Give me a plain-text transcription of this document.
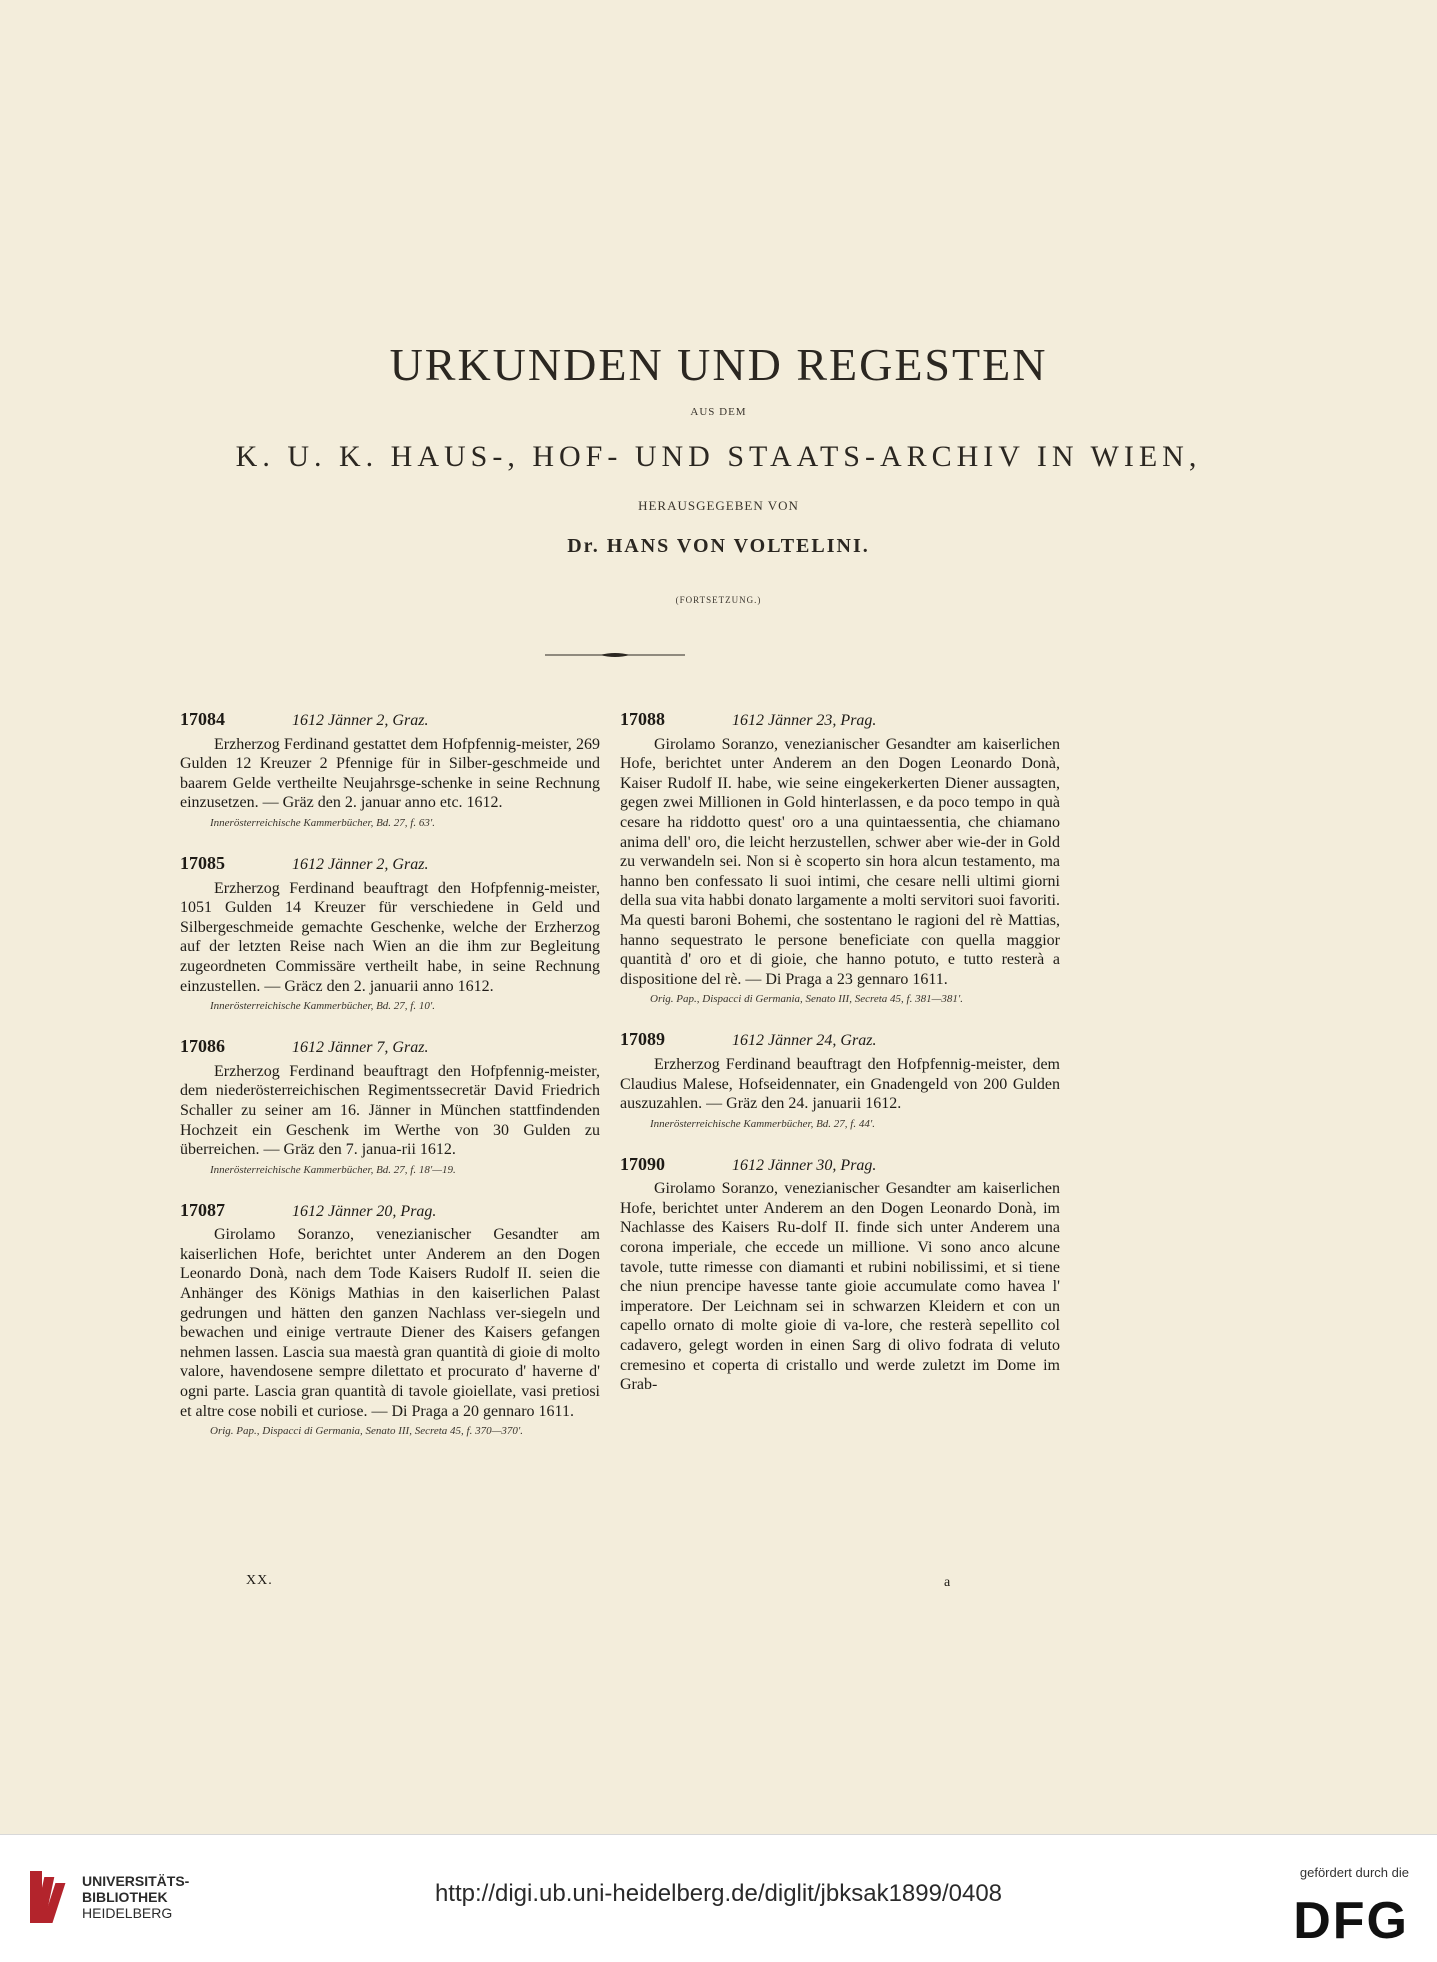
URKUNDEN UND REGESTEN
AUS DEM
K. U. K. HAUS-, HOF- UND STAATS-ARCHIV IN WIEN,
HERAUSGEGEBEN VON
Dr. HANS VON VOLTELINI.
(FORTSETZUNG.)
17084	1612 Jänner 2, Graz.

Erzherzog Ferdinand gestattet dem Hofpfennig-meister, 269 Gulden 12 Kreuzer 2 Pfennige für in Silber-geschmeide und baarem Gelde vertheilte Neujahrsge-schenke in seine Rechnung einzusetzen. — Gräz den 2. januar anno etc. 1612.

Innerösterreichische Kammerbücher, Bd. 27, f. 63'.
17085	1612 Jänner 2, Graz.

Erzherzog Ferdinand beauftragt den Hofpfennig-meister, 1051 Gulden 14 Kreuzer für verschiedene in Geld und Silbergeschmeide gemachte Geschenke, welche der Erzherzog auf der letzten Reise nach Wien an die ihm zur Begleitung zugeordneten Commissäre vertheilt habe, in seine Rechnung einzustellen. — Gräcz den 2. januarii anno 1612.

Innerösterreichische Kammerbücher, Bd. 27, f. 10'.
17086	1612 Jänner 7, Graz.

Erzherzog Ferdinand beauftragt den Hofpfennig-meister, dem niederösterreichischen Regimentssecretär David Friedrich Schaller zu seiner am 16. Jänner in München stattfindenden Hochzeit ein Geschenk im Werthe von 30 Gulden zu überreichen. — Gräz den 7. janua-rii 1612.

Innerösterreichische Kammerbücher, Bd. 27, f. 18'—19.
17087	1612 Jänner 20, Prag.

Girolamo Soranzo, venezianischer Gesandter am kaiserlichen Hofe, berichtet unter Anderem an den Dogen Leonardo Donà, nach dem Tode Kaisers Rudolf II. seien die Anhänger des Königs Mathias in den kaiserlichen Palast gedrungen und hätten den ganzen Nachlass ver-siegeln und bewachen und einige vertraute Diener des Kaisers gefangen nehmen lassen. Lascia sua maestà gran quantità di gioie di molto valore, havendosene sempre dilettato et procurato d' haverne d' ogni parte. Lascia gran quantità di tavole gioiellate, vasi pretiosi et altre cose nobili et curiose. — Di Praga a 20 gennaro 1611.

Orig. Pap., Dispacci di Germania, Senato III, Secreta 45, f. 370—370'.
17088	1612 Jänner 23, Prag.

Girolamo Soranzo, venezianischer Gesandter am kaiserlichen Hofe, berichtet unter Anderem an den Dogen Leonardo Donà, Kaiser Rudolf II. habe, wie seine eingekerkerten Diener aussagten, gegen zwei Millionen in Gold hinterlassen, e da poco tempo in quà cesare ha riddotto quest' oro a una quintaessentia, che chiamano anima dell' oro, die leicht herzustellen, schwer aber wie-der in Gold zu verwandeln sei. Non si è scoperto sin hora alcun testamento, ma hanno ben confessato li suoi intimi, che cesare nelli ultimi giorni della sua vita habbi donato largamente a molti servitori suoi favoriti. Ma questi baroni Bohemi, che sostentano le ragioni del rè Mattias, hanno sequestrato le persone beneficiate con quella maggior quantità d' oro et di gioie, che hanno potuto, e tutto resterà a dispositione del rè. — Di Praga a 23 gennaro 1611.

Orig. Pap., Dispacci di Germania, Senato III, Secreta 45, f. 381—381'.
17089	1612 Jänner 24, Graz.

Erzherzog Ferdinand beauftragt den Hofpfennig-meister, dem Claudius Malese, Hofseidennater, ein Gnadengeld von 200 Gulden auszuzahlen. — Gräz den 24. januarii 1612.

Innerösterreichische Kammerbücher, Bd. 27, f. 44'.
17090	1612 Jänner 30, Prag.

Girolamo Soranzo, venezianischer Gesandter am kaiserlichen Hofe, berichtet unter Anderem an den Dogen Leonardo Donà, im Nachlasse des Kaisers Ru-dolf II. finde sich unter Anderem una corona imperiale, che eccede un millione. Vi sono anco alcune tavole, tutte rimesse con diamanti et rubini nobilissimi, et si tiene che niun prencipe havesse tante gioie accumulate como havea l' imperatore. Der Leichnam sei in schwarzen Kleidern et con un capello ornato di molte gioie di va-lore, che resterà sepellito col cadavero, gelegt worden in einen Sarg di olivo fodrata di veluto cremesino et coperta di cristallo und werde zuletzt im Dome im Grab-

XX.	a
UNIVERSITÄTS-
BIBLIOTHEK
HEIDELBERG
http://digi.ub.uni-heidelberg.de/diglit/jbksak1899/0408
gefördert durch die
DFG
